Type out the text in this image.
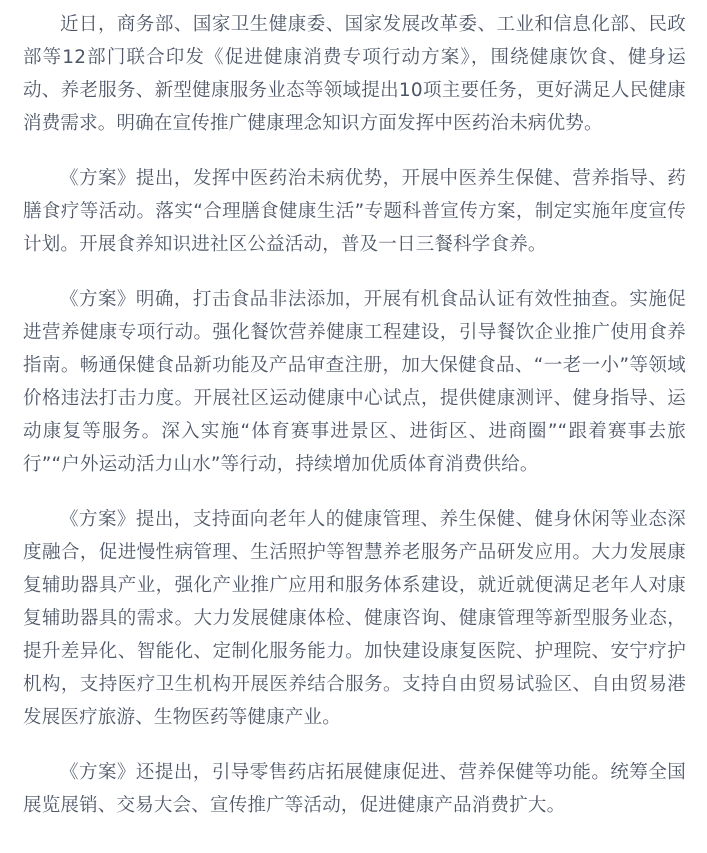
近日，商务部、国家卫生健康委、国家发展改革委、工业和信息化部、民政部等12部门联合印发《促进健康消费专项行动方案》，围绕健康饮食、健身运动、养老服务、新型健康服务业态等领域提出10项主要任务，更好满足人民健康消费需求。明确在宣传推广健康理念知识方面发挥中医药治未病优势。

《方案》提出，发挥中医药治未病优势，开展中医养生保健、营养指导、药膳食疗等活动。落实“合理膳食健康生活”专题科普宣传方案，制定实施年度宣传计划。开展食养知识进社区公益活动，普及一日三餐科学食养。

《方案》明确，打击食品非法添加，开展有机食品认证有效性抽查。实施促进营养健康专项行动。强化餐饮营养健康工程建设，引导餐饮企业推广使用食养指南。畅通保健食品新功能及产品审查注册，加大保健食品、“一老一小”等领域价格违法打击力度。开展社区运动健康中心试点，提供健康测评、健身指导、运动康复等服务。深入实施“体育赛事进景区、进街区、进商圈”“跟着赛事去旅行”“户外运动活力山水”等行动，持续增加优质体育消费供给。

《方案》提出，支持面向老年人的健康管理、养生保健、健身休闲等业态深度融合，促进慢性病管理、生活照护等智慧养老服务产品研发应用。大力发展康复辅助器具产业，强化产业推广应用和服务体系建设，就近就便满足老年人对康复辅助器具的需求。大力发展健康体检、健康咨询、健康管理等新型服务业态，提升差异化、智能化、定制化服务能力。加快建设康复医院、护理院、安宁疗护机构，支持医疗卫生机构开展医养结合服务。支持自由贸易试验区、自由贸易港发展医疗旅游、生物医药等健康产业。

《方案》还提出，引导零售药店拓展健康促进、营养保健等功能。统筹全国展览展销、交易大会、宣传推广等活动，促进健康产品消费扩大。
